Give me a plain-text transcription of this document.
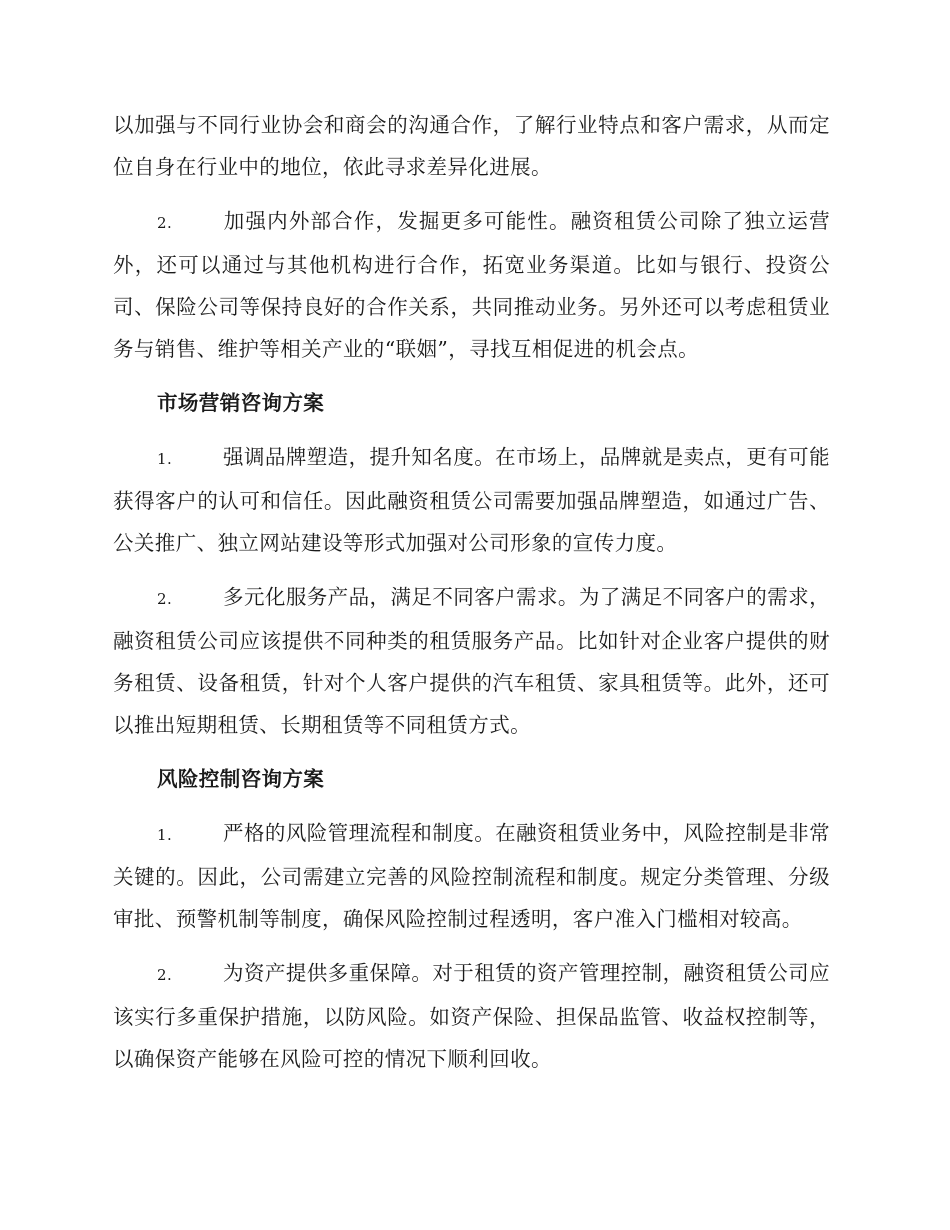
以加强与不同行业协会和商会的沟通合作，了解行业特点和客户需求，从而定位自身在行业中的地位，依此寻求差异化进展。

2. 加强内外部合作，发掘更多可能性。融资租赁公司除了独立运营外，还可以通过与其他机构进行合作，拓宽业务渠道。比如与银行、投资公司、保险公司等保持良好的合作关系，共同推动业务。另外还可以考虑租赁业务与销售、维护等相关产业的“联姻”，寻找互相促进的机会点。

市场营销咨询方案

1. 强调品牌塑造，提升知名度。在市场上，品牌就是卖点，更有可能获得客户的认可和信任。因此融资租赁公司需要加强品牌塑造，如通过广告、公关推广、独立网站建设等形式加强对公司形象的宣传力度。

2. 多元化服务产品，满足不同客户需求。为了满足不同客户的需求，融资租赁公司应该提供不同种类的租赁服务产品。比如针对企业客户提供的财务租赁、设备租赁，针对个人客户提供的汽车租赁、家具租赁等。此外，还可以推出短期租赁、长期租赁等不同租赁方式。

风险控制咨询方案

1. 严格的风险管理流程和制度。在融资租赁业务中，风险控制是非常关键的。因此，公司需建立完善的风险控制流程和制度。规定分类管理、分级审批、预警机制等制度，确保风险控制过程透明，客户准入门槛相对较高。

2. 为资产提供多重保障。对于租赁的资产管理控制，融资租赁公司应该实行多重保护措施，以防风险。如资产保险、担保品监管、收益权控制等，以确保资产能够在风险可控的情况下顺利回收。
